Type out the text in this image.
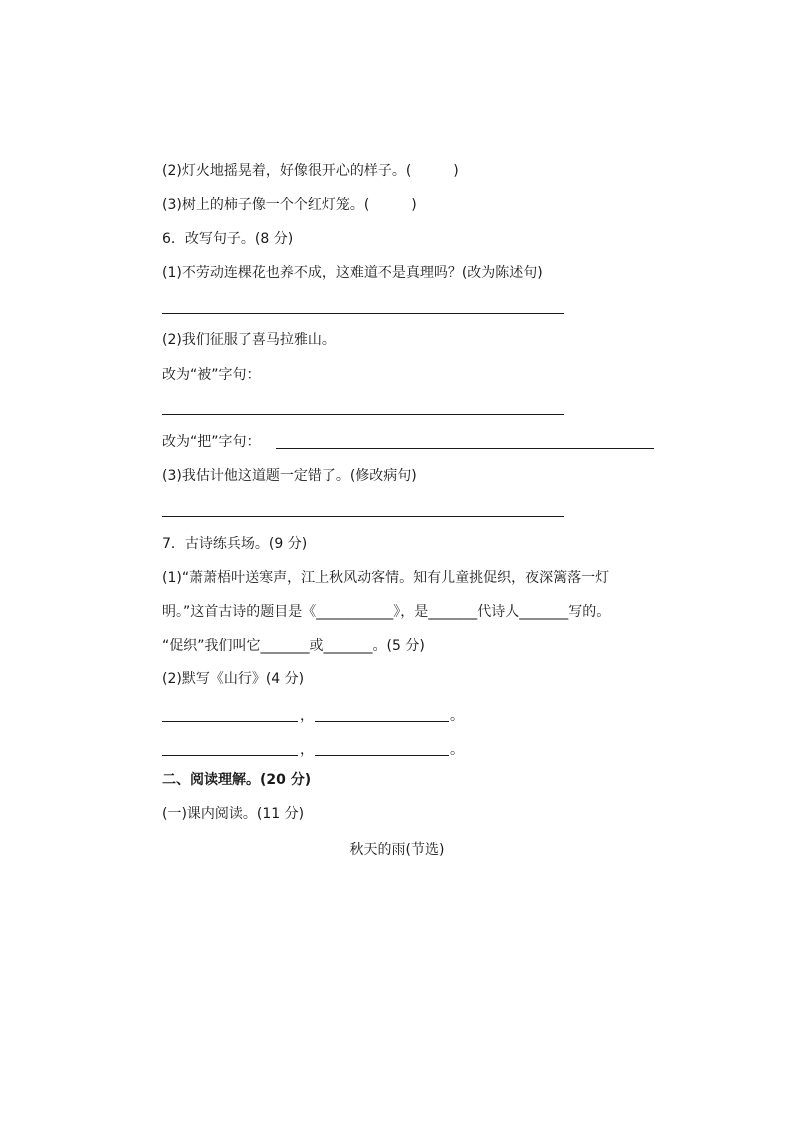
(2)灯火地摇晃着，好像很开心的样子。(　　　)
(3)树上的柿子像一个个红灯笼。(　　　)
6．改写句子。(8 分)
(1)不劳动连棵花也养不成，这难道不是真理吗？(改为陈述句)
(2)我们征服了喜马拉雅山。
改为“被”字句：
改为“把”字句：
(3)我估计他这道题一定错了。(修改病句)
7．古诗练兵场。(9 分)
(1)“萧萧梧叶送寒声，江上秋风动客情。知有儿童挑促织，夜深篱落一灯
明。”这首古诗的题目是《___________》，是_______代诗人_______写的。
“促织”我们叫它_______或_______。(5 分)
(2)默写《山行》(4 分)
，	。
，	。
二、阅读理解。(20 分)
(一)课内阅读。(11 分)
秋天的雨(节选)
